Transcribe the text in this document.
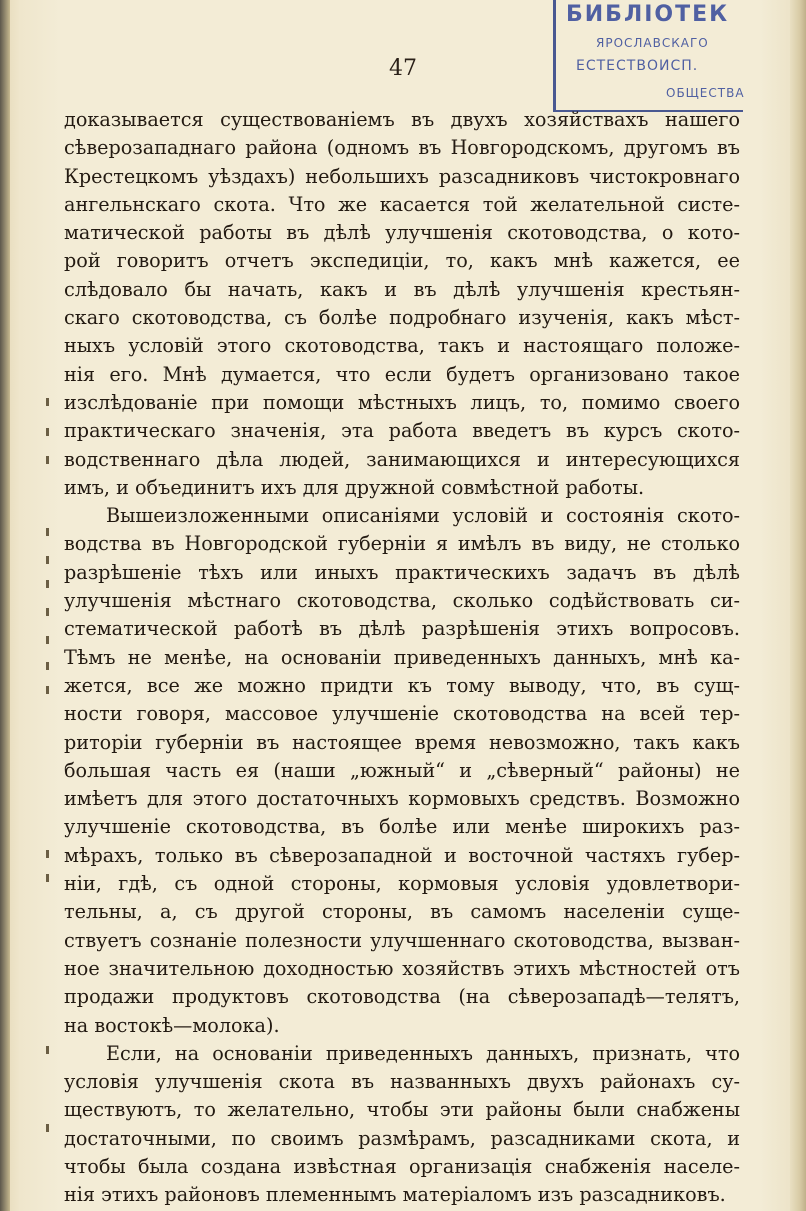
БИБЛІОТЕК
ЯРОСЛАВСКАГО
ЕСТЕСТВОИСП.
ОБЩЕСТВА
47
доказывается существованіемъ въ двухъ хозяйствахъ нашего
сѣверозападнаго района (одномъ въ Новгородскомъ, другомъ въ
Крестецкомъ уѣздахъ) небольшихъ разсадниковъ чистокровнаго
ангельнскаго скота. Что же касается той желательной систе-
матической работы въ дѣлѣ улучшенія скотоводства, о кото-
рой говоритъ отчетъ экспедиціи, то, какъ мнѣ кажется, ее
слѣдовало бы начать, какъ и въ дѣлѣ улучшенія крестьян-
скаго скотоводства, съ болѣе подробнаго изученія, какъ мѣст-
ныхъ условій этого скотоводства, такъ и настоящаго положе-
нія его. Мнѣ думается, что если будетъ организовано такое
изслѣдованіе при помощи мѣстныхъ лицъ, то, помимо своего
практическаго значенія, эта работа введетъ въ курсъ ското-
водственнаго дѣла людей, занимающихся и интересующихся
имъ, и объединитъ ихъ для дружной совмѣстной работы.
Вышеизложенными описаніями условій и состоянія ското-
водства въ Новгородской губерніи я имѣлъ въ виду, не столько
разрѣшеніе тѣхъ или иныхъ практическихъ задачъ въ дѣлѣ
улучшенія мѣстнаго скотоводства, сколько содѣйствовать си-
стематической работѣ въ дѣлѣ разрѣшенія этихъ вопросовъ.
Тѣмъ не менѣе, на основаніи приведенныхъ данныхъ, мнѣ ка-
жется, все же можно придти къ тому выводу, что, въ сущ-
ности говоря, массовое улучшеніе скотоводства на всей тер-
риторіи губерніи въ настоящее время невозможно, такъ какъ
большая часть ея (наши „южный“ и „сѣверный“ районы) не
имѣетъ для этого достаточныхъ кормовыхъ средствъ. Возможно
улучшеніе скотоводства, въ болѣе или менѣе широкихъ раз-
мѣрахъ, только въ сѣверозападной и восточной частяхъ губер-
ніи, гдѣ, съ одной стороны, кормовыя условія удовлетвори-
тельны, а, съ другой стороны, въ самомъ населеніи суще-
ствуетъ сознаніе полезности улучшеннаго скотоводства, вызван-
ное значительною доходностью хозяйствъ этихъ мѣстностей отъ
продажи продуктовъ скотоводства (на сѣверозападѣ—телятъ,
на востокѣ—молока).
Если, на основаніи приведенныхъ данныхъ, признать, что
условія улучшенія скота въ названныхъ двухъ районахъ су-
ществуютъ, то желательно, чтобы эти районы были снабжены
достаточными, по своимъ размѣрамъ, разсадниками скота, и
чтобы была создана извѣстная организація снабженія населе-
нія этихъ районовъ племеннымъ матеріаломъ изъ разсадниковъ.
